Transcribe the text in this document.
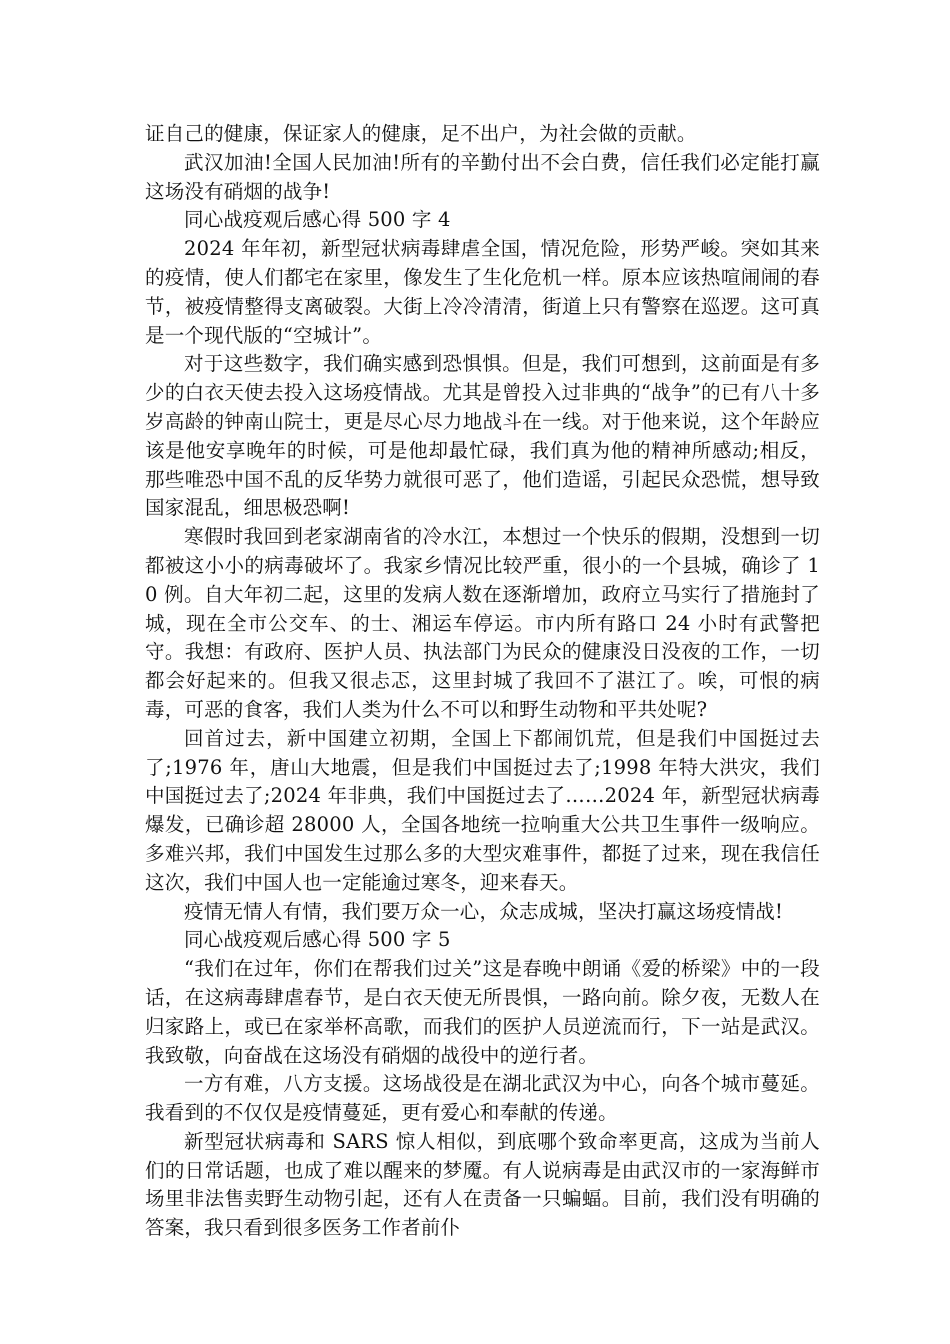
证自己的健康，保证家人的健康，足不出户，为社会做的贡献。

武汉加油!全国人民加油!所有的辛勤付出不会白费，信任我们必定能打赢这场没有硝烟的战争!

同心战疫观后感心得 500 字 4

2024 年年初，新型冠状病毒肆虐全国，情况危险，形势严峻。突如其来的疫情，使人们都宅在家里，像发生了生化危机一样。原本应该热喧闹闹的春节，被疫情整得支离破裂。大街上冷冷清清，街道上只有警察在巡逻。这可真是一个现代版的“空城计”。

对于这些数字，我们确实感到恐惧惧。但是，我们可想到，这前面是有多少的白衣天使去投入这场疫情战。尤其是曾投入过非典的“战争”的已有八十多岁高龄的钟南山院士，更是尽心尽力地战斗在一线。对于他来说，这个年龄应该是他安享晚年的时候，可是他却最忙碌，我们真为他的精神所感动;相反，那些唯恐中国不乱的反华势力就很可恶了，他们造谣，引起民众恐慌，想导致国家混乱，细思极恐啊!

寒假时我回到老家湖南省的冷水江，本想过一个快乐的假期，没想到一切都被这小小的病毒破坏了。我家乡情况比较严重，很小的一个县城，确诊了 10 例。自大年初二起，这里的发病人数在逐渐增加，政府立马实行了措施封了城，现在全市公交车、的士、湘运车停运。市内所有路口 24 小时有武警把守。我想：有政府、医护人员、执法部门为民众的健康没日没夜的工作，一切都会好起来的。但我又很忐忑，这里封城了我回不了湛江了。唉，可恨的病毒，可恶的食客，我们人类为什么不可以和野生动物和平共处呢?

回首过去，新中国建立初期，全国上下都闹饥荒，但是我们中国挺过去了;1976 年，唐山大地震，但是我们中国挺过去了;1998 年特大洪灾，我们中国挺过去了;2024 年非典，我们中国挺过去了……2024 年，新型冠状病毒爆发，已确诊超 28000 人，全国各地统一拉响重大公共卫生事件一级响应。多难兴邦，我们中国发生过那么多的大型灾难事件，都挺了过来，现在我信任这次，我们中国人也一定能逾过寒冬，迎来春天。

疫情无情人有情，我们要万众一心，众志成城，坚决打赢这场疫情战!

同心战疫观后感心得 500 字 5

“我们在过年，你们在帮我们过关”这是春晚中朗诵《爱的桥梁》中的一段话，在这病毒肆虐春节，是白衣天使无所畏惧，一路向前。除夕夜，无数人在归家路上，或已在家举杯高歌，而我们的医护人员逆流而行，下一站是武汉。我致敬，向奋战在这场没有硝烟的战役中的逆行者。

一方有难，八方支援。这场战役是在湖北武汉为中心，向各个城市蔓延。我看到的不仅仅是疫情蔓延，更有爱心和奉献的传递。

新型冠状病毒和 SARS 惊人相似，到底哪个致命率更高，这成为当前人们的日常话题，也成了难以醒来的梦魇。有人说病毒是由武汉市的一家海鲜市场里非法售卖野生动物引起，还有人在责备一只蝙蝠。目前，我们没有明确的答案，我只看到很多医务工作者前仆
